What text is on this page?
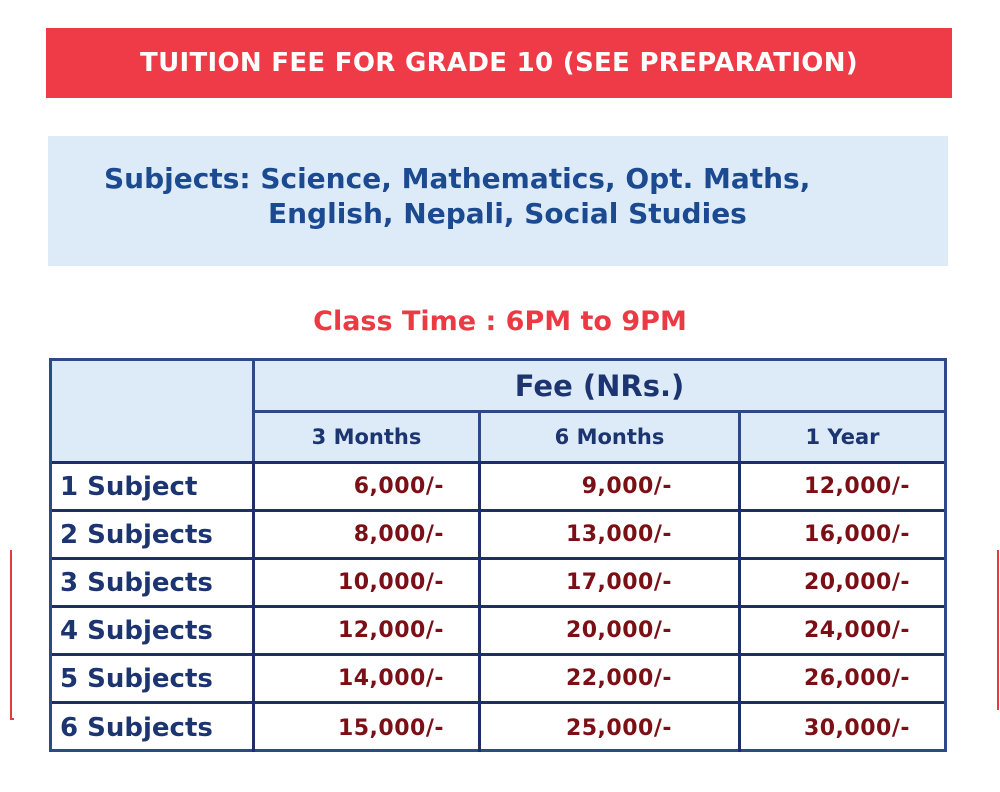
TUITION FEE FOR GRADE 10 (SEE PREPARATION)
Subjects: Science, Mathematics, Opt. Maths,
English, Nepali, Social Studies
Class Time : 6PM to 9PM
Fee (NRs.)
3 Months	6 Months	1 Year
1 Subject	6,000/-	9,000/-	12,000/-
2 Subjects	8,000/-	13,000/-	16,000/-
3 Subjects	10,000/-	17,000/-	20,000/-
4 Subjects	12,000/-	20,000/-	24,000/-
5 Subjects	14,000/-	22,000/-	26,000/-
6 Subjects	15,000/-	25,000/-	30,000/-
